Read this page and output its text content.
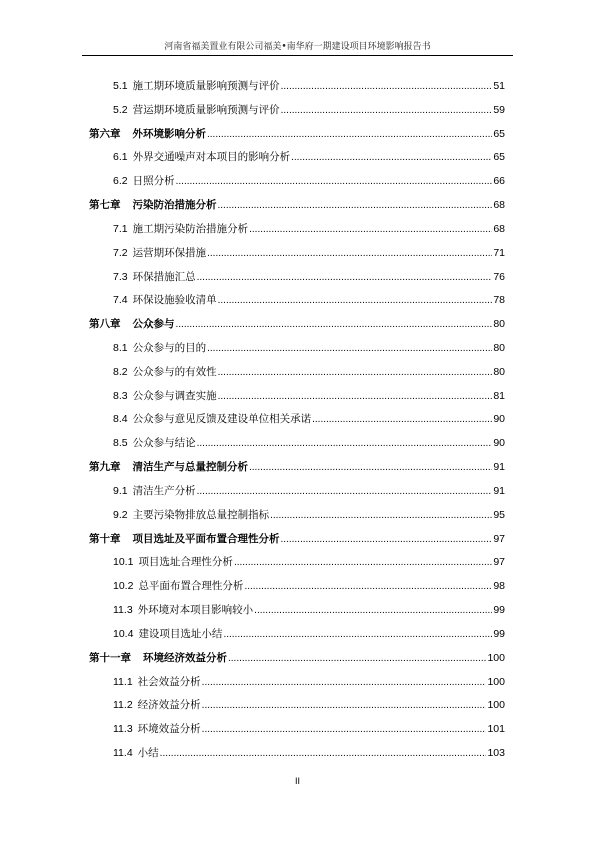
河南省福美置业有限公司福美•南华府一期建设项目环境影响报告书
5.1 施工期环境质量影响预测与评价 .....	51
5.2 营运期环境质量影响预测与评价 .....	59
第六章 外环境影响分析 .....	65
6.1 外界交通噪声对本项目的影响分析 .....	65
6.2 日照分析 .....	66
第七章 污染防治措施分析 .....	68
7.1 施工期污染防治措施分析 .....	68
7.2 运营期环保措施 .....	71
7.3 环保措施汇总 .....	76
7.4 环保设施验收清单 .....	78
第八章 公众参与 .....	80
8.1 公众参与的目的 .....	80
8.2 公众参与的有效性 .....	80
8.3 公众参与调查实施 .....	81
8.4 公众参与意见反馈及建设单位相关承诺 .....	90
8.5 公众参与结论 .....	90
第九章 清洁生产与总量控制分析 .....	91
9.1 清洁生产分析 .....	91
9.2 主要污染物排放总量控制指标 .....	95
第十章 项目选址及平面布置合理性分析 .....	97
10.1 项目选址合理性分析 .....	97
10.2 总平面布置合理性分析 .....	98
11.3 外环境对本项目影响较小 .....	99
10.4 建设项目选址小结 .....	99
第十一章 环境经济效益分析 .....	100
11.1 社会效益分析 .....	100
11.2 经济效益分析 .....	100
11.3 环境效益分析 .....	101
11.4 小结 .....	103
II
